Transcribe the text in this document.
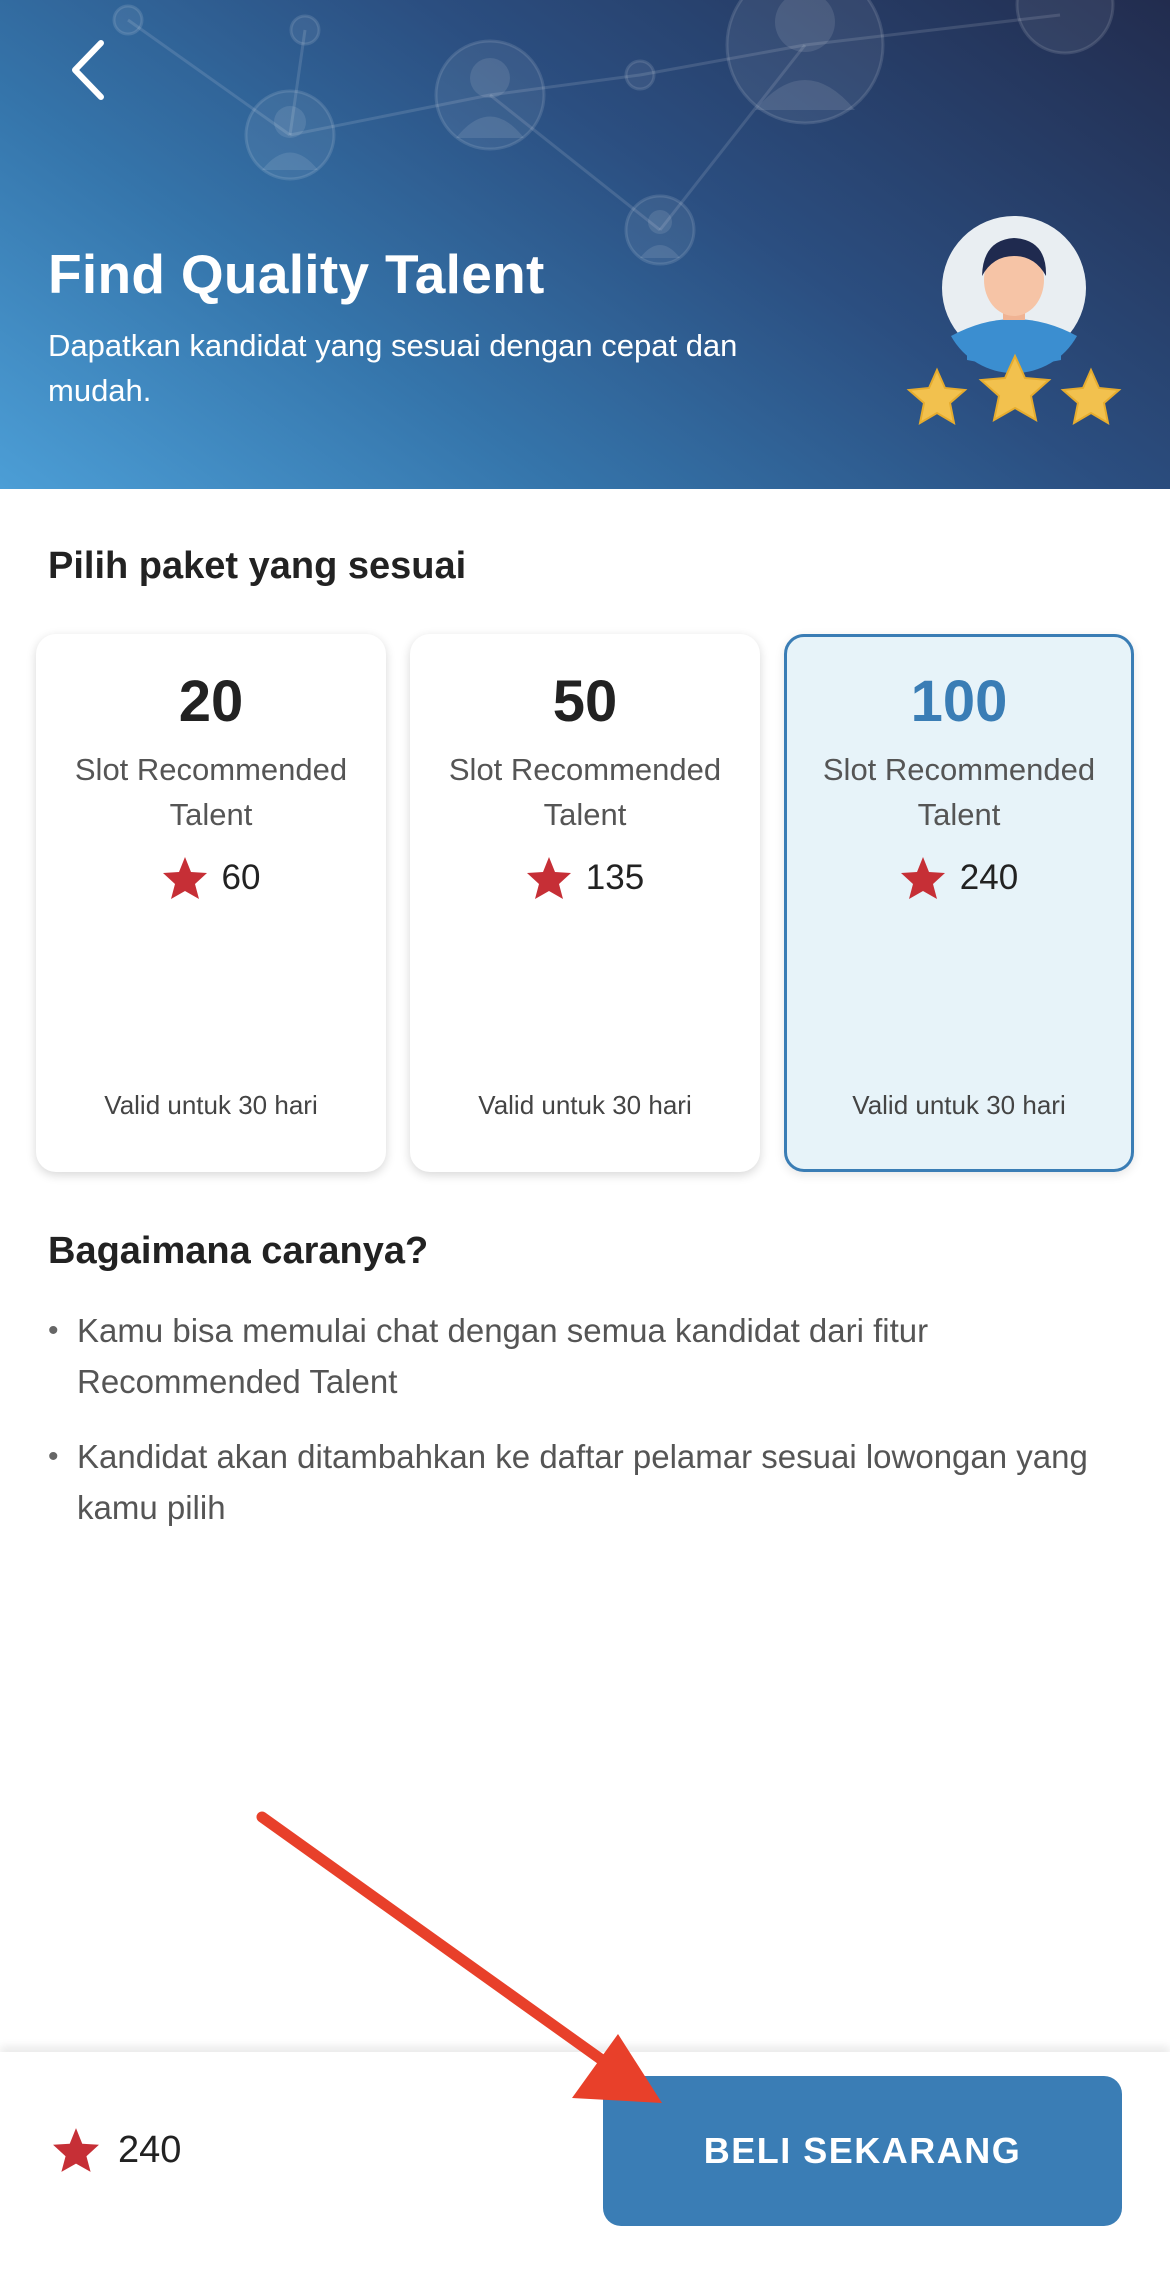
Find Quality Talent
Dapatkan kandidat yang sesuai dengan cepat dan mudah.
Pilih paket yang sesuai
20
Slot Recommended Talent
60
Valid untuk 30 hari
50
Slot Recommended Talent
135
Valid untuk 30 hari
100
Slot Recommended Talent
240
Valid untuk 30 hari
Bagaimana caranya?
• Kamu bisa memulai chat dengan semua kandidat dari fitur Recommended Talent
• Kandidat akan ditambahkan ke daftar pelamar sesuai lowongan yang kamu pilih
240	BELI SEKARANG
